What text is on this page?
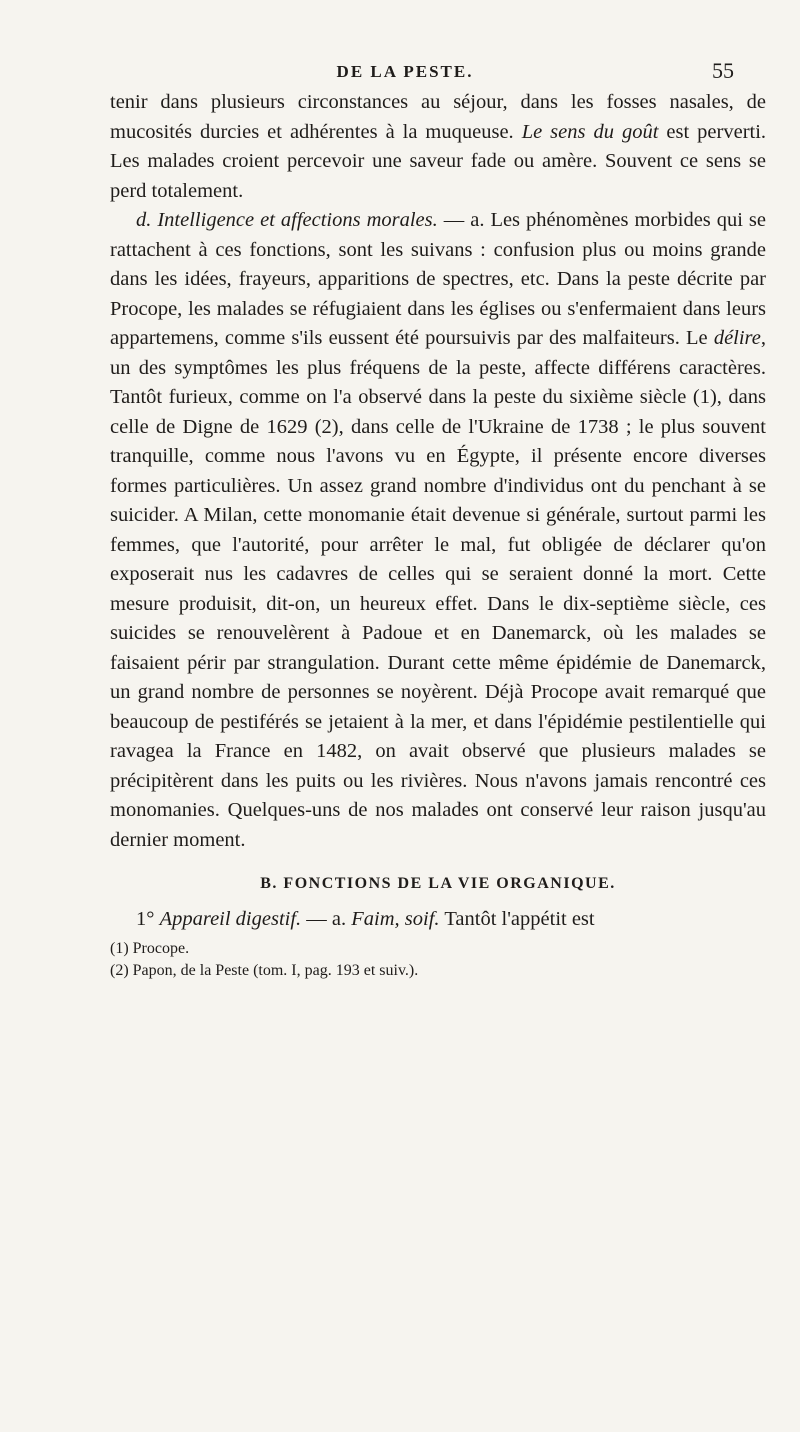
DE LA PESTE.	55

tenir dans plusieurs circonstances au séjour, dans les fosses nasales, de mucosités durcies et adhérentes à la muqueuse. Le sens du goût est perverti. Les malades croient percevoir une saveur fade ou amère. Souvent ce sens se perd totalement.

d. Intelligence et affections morales. — a. Les phénomènes morbides qui se rattachent à ces fonctions, sont les suivans : confusion plus ou moins grande dans les idées, frayeurs, apparitions de spectres, etc. Dans la peste décrite par Procope, les malades se réfugiaient dans les églises ou s'enfermaient dans leurs appartemens, comme s'ils eussent été poursuivis par des malfaiteurs. Le délire, un des symptômes les plus fréquens de la peste, affecte différens caractères. Tantôt furieux, comme on l'a observé dans la peste du sixième siècle (1), dans celle de Digne de 1629 (2), dans celle de l'Ukraine de 1738 ; le plus souvent tranquille, comme nous l'avons vu en Égypte, il présente encore diverses formes particulières. Un assez grand nombre d'individus ont du penchant à se suicider. A Milan, cette monomanie était devenue si générale, surtout parmi les femmes, que l'autorité, pour arrêter le mal, fut obligée de déclarer qu'on exposerait nus les cadavres de celles qui se seraient donné la mort. Cette mesure produisit, dit-on, un heureux effet. Dans le dix-septième siècle, ces suicides se renouvelèrent à Padoue et en Danemarck, où les malades se faisaient périr par strangulation. Durant cette même épidémie de Danemarck, un grand nombre de personnes se noyèrent. Déjà Procope avait remarqué que beaucoup de pestiférés se jetaient à la mer, et dans l'épidémie pestilentielle qui ravagea la France en 1482, on avait observé que plusieurs malades se précipitèrent dans les puits ou les rivières. Nous n'avons jamais rencontré ces monomanies. Quelques-uns de nos malades ont conservé leur raison jusqu'au dernier moment.

B. FONCTIONS DE LA VIE ORGANIQUE.

1° Appareil digestif. — a. Faim, soif. Tantôt l'appétit est

(1) Procope.
(2) Papon, de la Peste (tom. I, pag. 193 et suiv.).
